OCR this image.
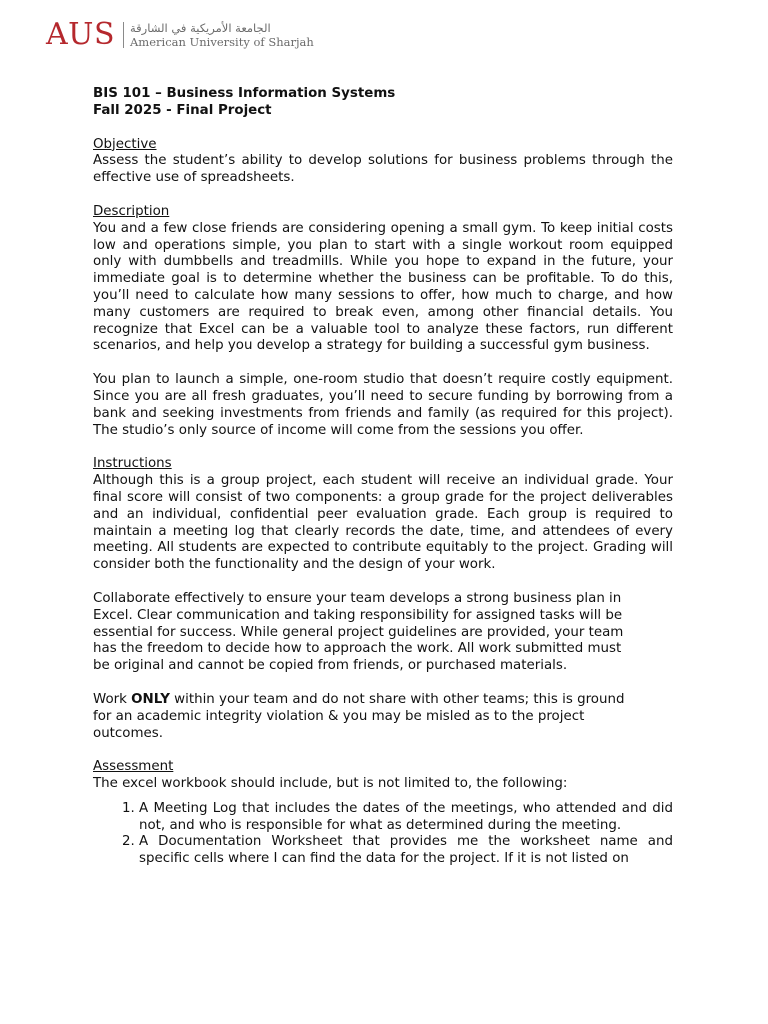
AUS الجامعة الأمريكية في الشارقة
American University of Sharjah
BIS 101 – Business Information Systems
Fall 2025 - Final Project

Objective

Assess the student’s ability to develop solutions for business problems through the effective use of spreadsheets.

Description

You and a few close friends are considering opening a small gym. To keep initial costs low and operations simple, you plan to start with a single workout room equipped only with dumbbells and treadmills. While you hope to expand in the future, your immediate goal is to determine whether the business can be profitable. To do this, you’ll need to calculate how many sessions to offer, how much to charge, and how many customers are required to break even, among other financial details. You recognize that Excel can be a valuable tool to analyze these factors, run different scenarios, and help you develop a strategy for building a successful gym business.

You plan to launch a simple, one-room studio that doesn’t require costly equipment. Since you are all fresh graduates, you’ll need to secure funding by borrowing from a bank and seeking investments from friends and family (as required for this project). The studio’s only source of income will come from the sessions you offer.

Instructions

Although this is a group project, each student will receive an individual grade. Your final score will consist of two components: a group grade for the project deliverables and an individual, confidential peer evaluation grade. Each group is required to maintain a meeting log that clearly records the date, time, and attendees of every meeting. All students are expected to contribute equitably to the project. Grading will consider both the functionality and the design of your work.

Collaborate effectively to ensure your team develops a strong business plan in Excel. Clear communication and taking responsibility for assigned tasks will be essential for success. While general project guidelines are provided, your team has the freedom to decide how to approach the work. All work submitted must be original and cannot be copied from friends, or purchased materials.

Work ONLY within your team and do not share with other teams; this is ground for an academic integrity violation & you may be misled as to the project outcomes.

Assessment

The excel workbook should include, but is not limited to, the following:

1. A Meeting Log that includes the dates of the meetings, who attended and did not, and who is responsible for what as determined during the meeting.
2. A Documentation Worksheet that provides me the worksheet name and specific cells where I can find the data for the project. If it is not listed on
